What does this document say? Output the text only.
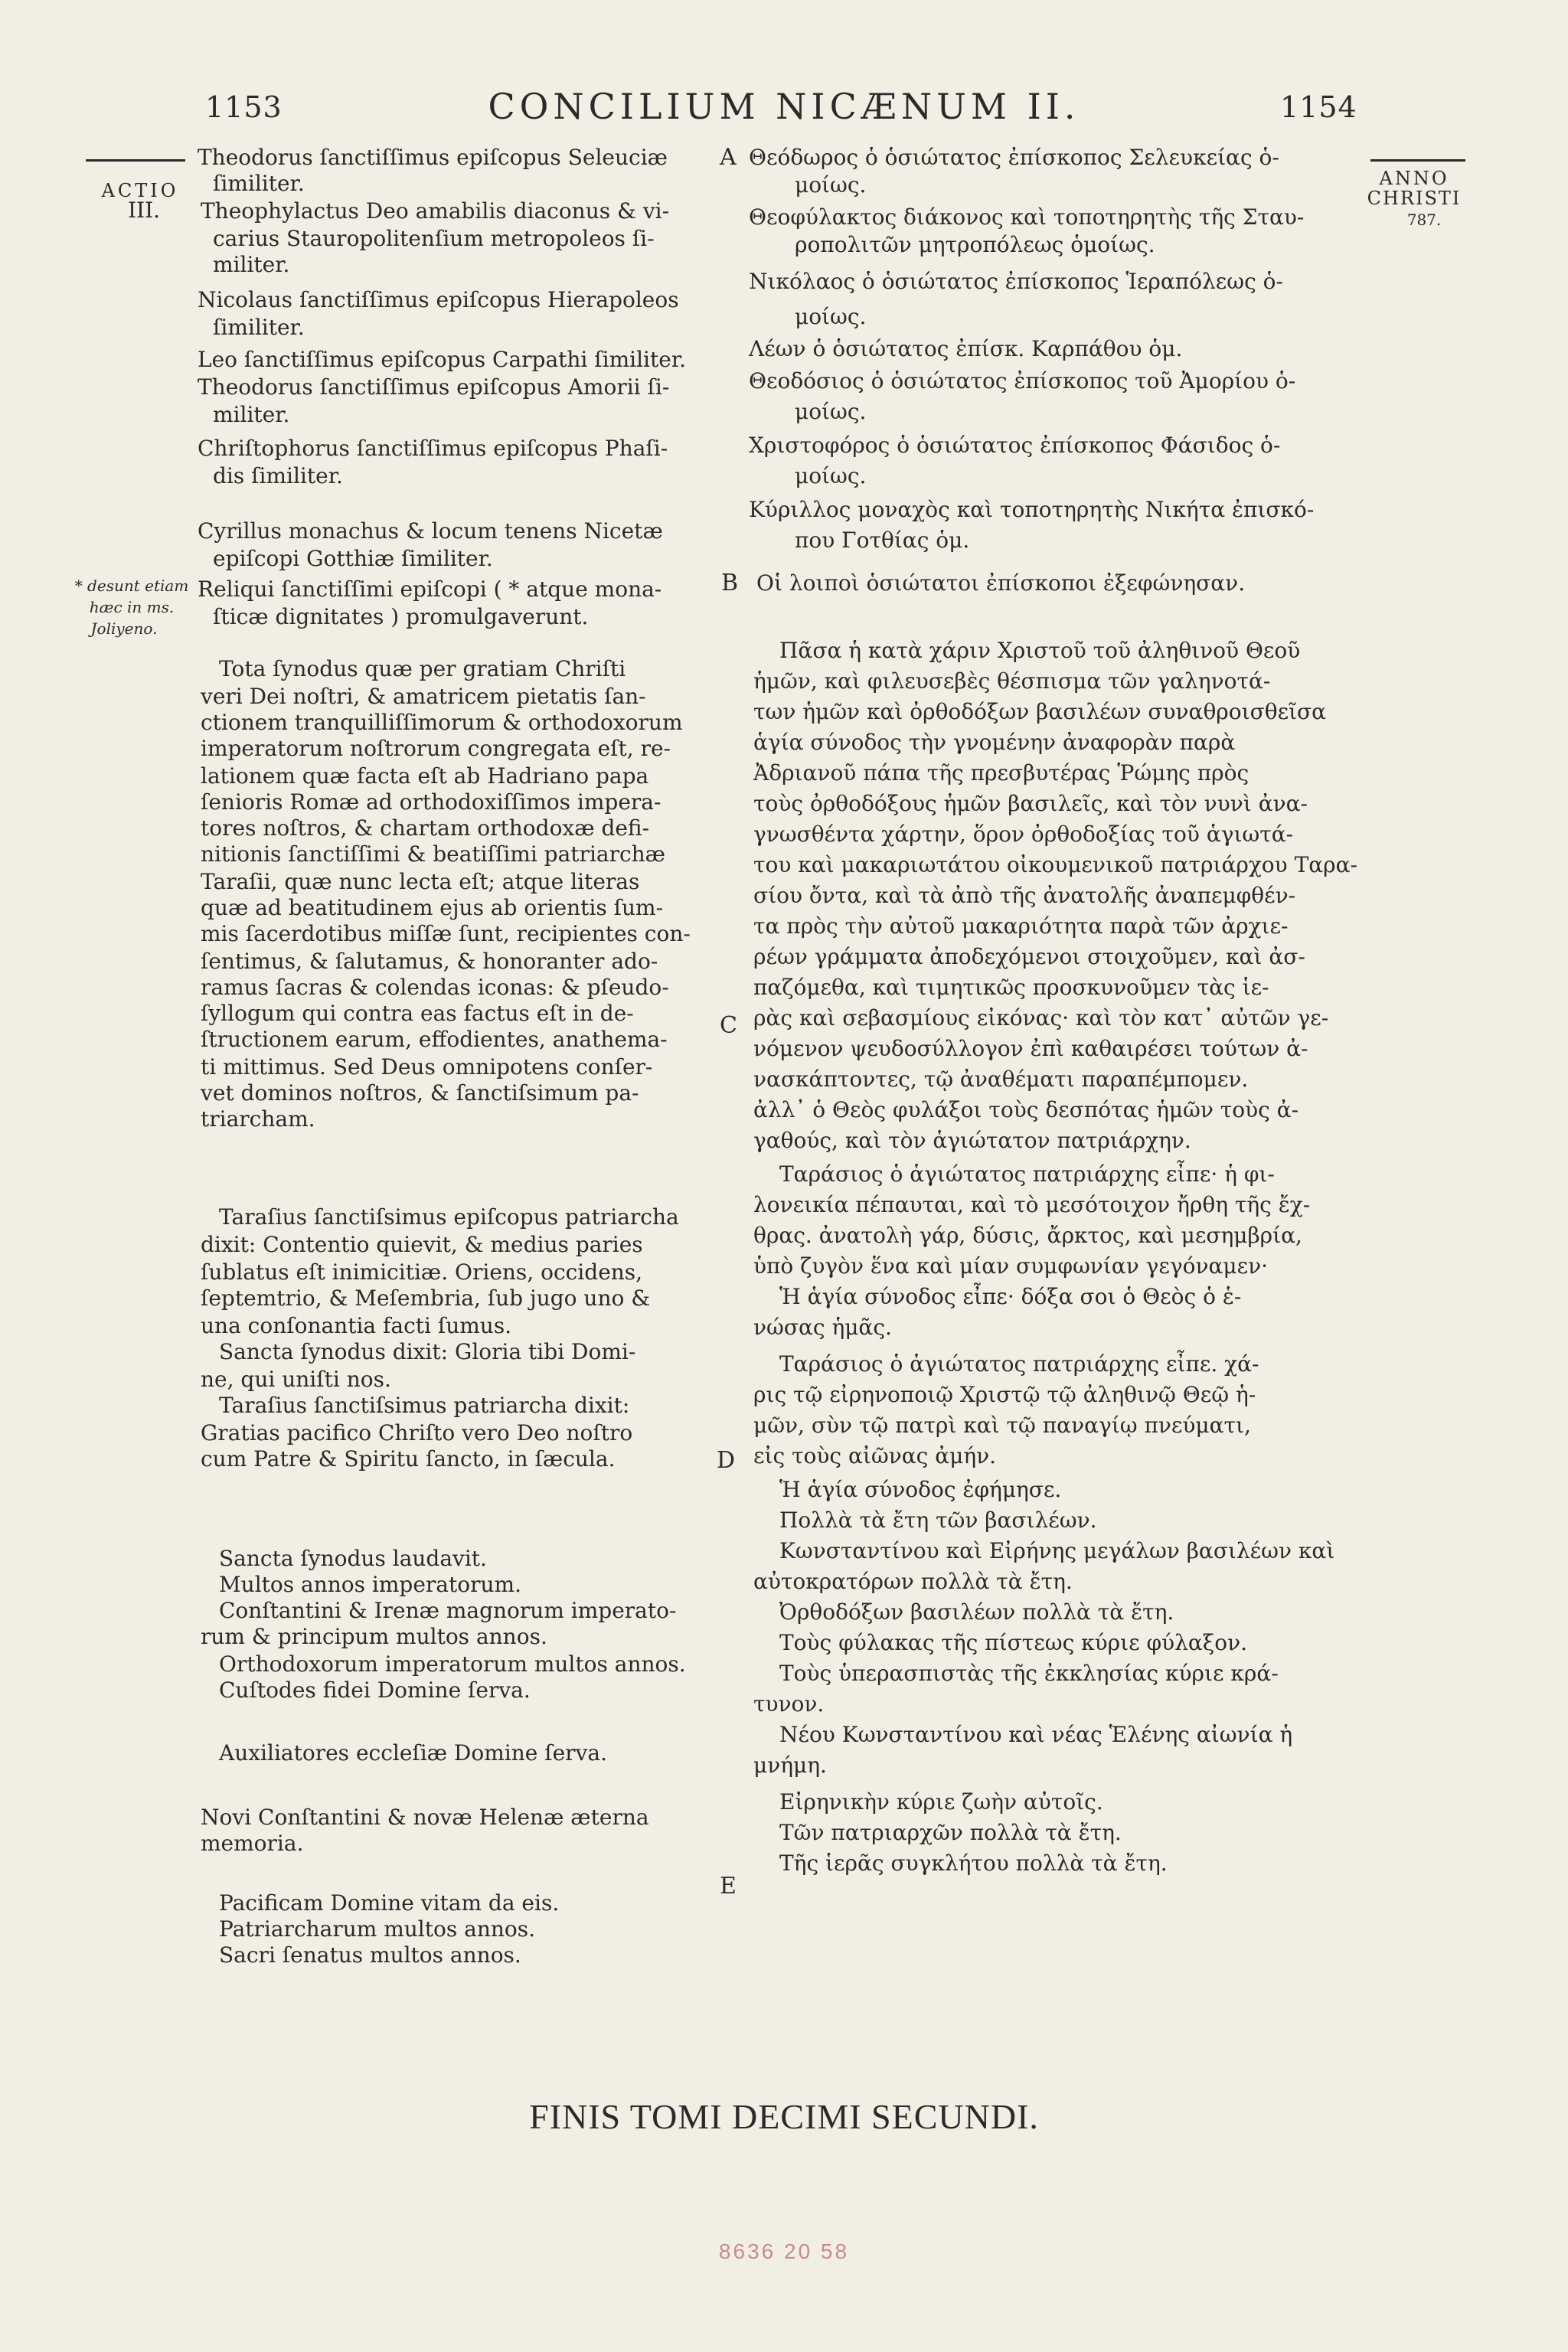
1153	CONCILIUM NICÆNUM II.	1154
ACTIO
III.
* desunt etiam
hæc in ms.
Joliyeno.
ANNO
CHRISTI
787.
A
B
C
D
E
Theodorus ſanctiſſimus epiſcopus Seleuciæ
ſimiliter.
Theophylactus Deo amabilis diaconus & vi-
carius Stauropolitenſium metropoleos ſi-
militer.
Nicolaus ſanctiſſimus epiſcopus Hierapoleos
ſimiliter.
Leo ſanctiſſimus epiſcopus Carpathi ſimiliter.
Theodorus ſanctiſſimus epiſcopus Amorii ſi-
militer.
Chriſtophorus ſanctiſſimus epiſcopus Phaſi-
dis ſimiliter.
Cyrillus monachus & locum tenens Nicetæ
epiſcopi Gotthiæ ſimiliter.
Reliqui ſanctiſſimi epiſcopi ( * atque mona-
ſticæ dignitates ) promulgaverunt.
Tota ſynodus quæ per gratiam Chriſti
veri Dei noſtri, & amatricem pietatis ſan-
ctionem tranquilliſſimorum & orthodoxorum
imperatorum noſtrorum congregata eſt, re-
lationem quæ facta eſt ab Hadriano papa
ſenioris Romæ ad orthodoxiſſimos impera-
tores noſtros, & chartam orthodoxæ defi-
nitionis ſanctiſſimi & beatiſſimi patriarchæ
Taraſii, quæ nunc lecta eſt; atque literas
quæ ad beatitudinem ejus ab orientis ſum-
mis ſacerdotibus miſſæ ſunt, recipientes con-
ſentimus, & ſalutamus, & honoranter ado-
ramus ſacras & colendas iconas: & pſeudo-
ſyllogum qui contra eas factus eſt in de-
ſtructionem earum, effodientes, anathema-
ti mittimus. Sed Deus omnipotens conſer-
vet dominos noſtros, & ſanctiſsimum pa-
triarcham.
Taraſius ſanctiſsimus epiſcopus patriarcha
dixit: Contentio quievit, & medius paries
ſublatus eſt inimicitiæ. Oriens, occidens,
ſeptemtrio, & Meſembria, ſub jugo uno &
una conſonantia facti ſumus.
Sancta ſynodus dixit: Gloria tibi Domi-
ne, qui uniſti nos.
Taraſius ſanctiſsimus patriarcha dixit:
Gratias pacifico Chriſto vero Deo noſtro
cum Patre & Spiritu ſancto, in ſæcula.
Sancta ſynodus laudavit.
Multos annos imperatorum.
Conſtantini & Irenæ magnorum imperato-
rum & principum multos annos.
Orthodoxorum imperatorum multos annos.
Cuſtodes fidei Domine ſerva.
Auxiliatores eccleſiæ Domine ſerva.
Novi Conſtantini & novæ Helenæ æterna
memoria.
Pacificam Domine vitam da eis.
Patriarcharum multos annos.
Sacri ſenatus multos annos.
Θεόδωρος ὁ ὁσιώτατος ἐπίσκοπος Σελευκείας ὁ-
μοίως.
Θεοφύλακτος διάκονος καὶ τοποτηρητὴς τῆς Σταυ-
ροπολιτῶν μητροπόλεως ὁμοίως.
Νικόλαος ὁ ὁσιώτατος ἐπίσκοπος Ἱεραπόλεως ὁ-
μοίως.
Λέων ὁ ὁσιώτατος ἐπίσκ. Καρπάθου ὁμ.
Θεοδόσιος ὁ ὁσιώτατος ἐπίσκοπος τοῦ Ἀμορίου ὁ-
μοίως.
Χριστοφόρος ὁ ὁσιώτατος ἐπίσκοπος Φάσιδος ὁ-
μοίως.
Κύριλλος μοναχὸς καὶ τοποτηρητὴς Νικήτα ἐπισκό-
που Γοτθίας ὁμ.
Οἱ λοιποὶ ὁσιώτατοι ἐπίσκοποι ἐξεφώνησαν.
Πᾶσα ἡ κατὰ χάριν Χριστοῦ τοῦ ἀληθινοῦ Θεοῦ
ἡμῶν, καὶ φιλευσεβὲς θέσπισμα τῶν γαληνοτά-
των ἡμῶν καὶ ὀρθοδόξων βασιλέων συναθροισθεῖσα
ἁγία σύνοδος τὴν γνομένην ἀναφορὰν παρὰ
Ἀδριανοῦ πάπα τῆς πρεσβυτέρας Ῥώμης πρὸς
τοὺς ὀρθοδόξους ἡμῶν βασιλεῖς, καὶ τὸν νυνὶ ἀνα-
γνωσθέντα χάρτην, ὅρον ὀρθοδοξίας τοῦ ἁγιωτά-
του καὶ μακαριωτάτου οἰκουμενικοῦ πατριάρχου Ταρα-
σίου ὄντα, καὶ τὰ ἀπὸ τῆς ἀνατολῆς ἀναπεμφθέν-
τα πρὸς τὴν αὐτοῦ μακαριότητα παρὰ τῶν ἀρχιε-
ρέων γράμματα ἀποδεχόμενοι στοιχοῦμεν, καὶ ἀσ-
παζόμεθα, καὶ τιμητικῶς προσκυνοῦμεν τὰς ἱε-
ρὰς καὶ σεβασμίους εἰκόνας· καὶ τὸν κατ᾽ αὐτῶν γε-
νόμενον ψευδοσύλλογον ἐπὶ καθαιρέσει τούτων ἀ-
νασκάπτοντες, τῷ ἀναθέματι παραπέμπομεν.
ἀλλ᾽ ὁ Θεὸς φυλάξοι τοὺς δεσπότας ἡμῶν τοὺς ἀ-
γαθούς, καὶ τὸν ἁγιώτατον πατριάρχην.
Ταράσιος ὁ ἁγιώτατος πατριάρχης εἶπε· ἡ φι-
λονεικία πέπαυται, καὶ τὸ μεσότοιχον ἤρθη τῆς ἔχ-
θρας. ἀνατολὴ γάρ, δύσις, ἄρκτος, καὶ μεσημβρία,
ὑπὸ ζυγὸν ἕνα καὶ μίαν συμφωνίαν γεγόναμεν·
Ἡ ἁγία σύνοδος εἶπε· δόξα σοι ὁ Θεὸς ὁ ἑ-
νώσας ἡμᾶς.
Ταράσιος ὁ ἁγιώτατος πατριάρχης εἶπε. χά-
ρις τῷ εἰρηνοποιῷ Χριστῷ τῷ ἀληθινῷ Θεῷ ἡ-
μῶν, σὺν τῷ πατρὶ καὶ τῷ παναγίῳ πνεύματι,
εἰς τοὺς αἰῶνας ἀμήν.
Ἡ ἁγία σύνοδος ἐφήμησε.
Πολλὰ τὰ ἔτη τῶν βασιλέων.
Κωνσταντίνου καὶ Εἰρήνης μεγάλων βασιλέων καὶ
αὐτοκρατόρων πολλὰ τὰ ἔτη.
Ὀρθοδόξων βασιλέων πολλὰ τὰ ἔτη.
Τοὺς φύλακας τῆς πίστεως κύριε φύλαξον.
Τοὺς ὑπερασπιστὰς τῆς ἐκκλησίας κύριε κρά-
τυνον.
Νέου Κωνσταντίνου καὶ νέας Ἑλένης αἰωνία ἡ
μνήμη.
Εἰρηνικὴν κύριε ζωὴν αὐτοῖς.
Τῶν πατριαρχῶν πολλὰ τὰ ἔτη.
Τῆς ἱερᾶς συγκλήτου πολλὰ τὰ ἔτη.
FINIS TOMI DECIMI SECUNDI.
8636 20 58
